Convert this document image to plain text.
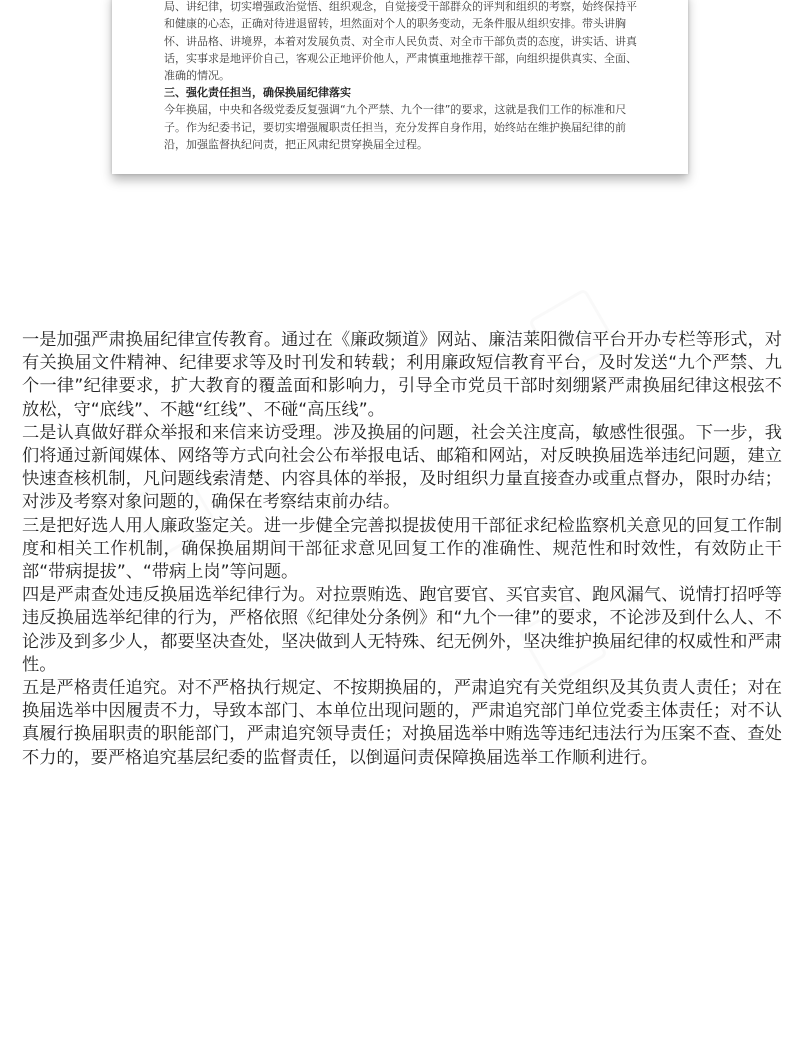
局、讲纪律，切实增强政治觉悟、组织观念，自觉接受干部群众的评判和组织的考察，始终保持平和健康的心态，正确对待进退留转，坦然面对个人的职务变动，无条件服从组织安排。带头讲胸怀、讲品格、讲境界，本着对发展负责、对全市人民负责、对全市干部负责的态度，讲实话、讲真话，实事求是地评价自己，客观公正地评价他人，严肃慎重地推荐干部，向组织提供真实、全面、准确的情况。

三、强化责任担当，确保换届纪律落实

今年换届，中央和各级党委反复强调“九个严禁、九个一律”的要求，这就是我们工作的标准和尺子。作为纪委书记，要切实增强履职责任担当，充分发挥自身作用，始终站在维护换届纪律的前沿，加强监督执纪问责，把正风肃纪贯穿换届全过程。

一是加强严肃换届纪律宣传教育。通过在《廉政频道》网站、廉洁莱阳微信平台开办专栏等形式，对有关换届文件精神、纪律要求等及时刊发和转载；利用廉政短信教育平台，及时发送“九个严禁、九个一律”纪律要求，扩大教育的覆盖面和影响力，引导全市党员干部时刻绷紧严肃换届纪律这根弦不放松，守“底线”、不越“红线”、不碰“高压线”。

二是认真做好群众举报和来信来访受理。涉及换届的问题，社会关注度高，敏感性很强。下一步，我们将通过新闻媒体、网络等方式向社会公布举报电话、邮箱和网站，对反映换届选举违纪问题，建立快速查核机制，凡问题线索清楚、内容具体的举报，及时组织力量直接查办或重点督办，限时办结；对涉及考察对象问题的，确保在考察结束前办结。

三是把好选人用人廉政鉴定关。进一步健全完善拟提拔使用干部征求纪检监察机关意见的回复工作制度和相关工作机制，确保换届期间干部征求意见回复工作的准确性、规范性和时效性，有效防止干部“带病提拔”、“带病上岗”等问题。

四是严肃查处违反换届选举纪律行为。对拉票贿选、跑官要官、买官卖官、跑风漏气、说情打招呼等违反换届选举纪律的行为，严格依照《纪律处分条例》和“九个一律”的要求，不论涉及到什么人、不论涉及到多少人，都要坚决查处，坚决做到人无特殊、纪无例外，坚决维护换届纪律的权威性和严肃性。

五是严格责任追究。对不严格执行规定、不按期换届的，严肃追究有关党组织及其负责人责任；对在换届选举中因履责不力，导致本部门、本单位出现问题的，严肃追究部门单位党委主体责任；对不认真履行换届职责的职能部门，严肃追究领导责任；对换届选举中贿选等违纪违法行为压案不查、查处不力的，要严格追究基层纪委的监督责任，以倒逼问责保障换届选举工作顺利进行。
